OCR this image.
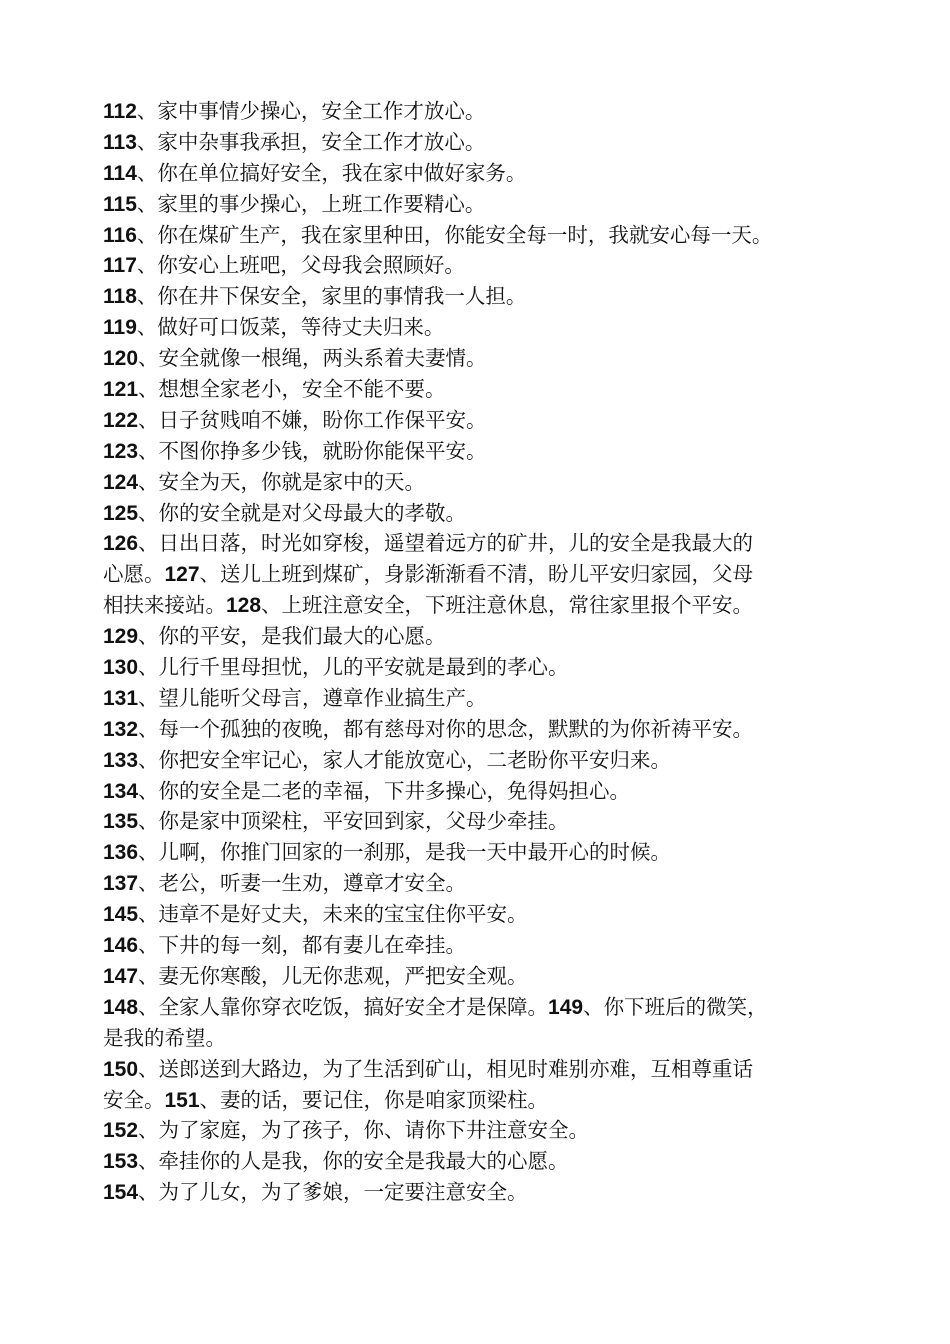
112、家中事情少操心，安全工作才放心。
113、家中杂事我承担，安全工作才放心。
114、你在单位搞好安全，我在家中做好家务。
115、家里的事少操心，上班工作要精心。
116、你在煤矿生产，我在家里种田，你能安全每一时，我就安心每一天。
117、你安心上班吧，父母我会照顾好。
118、你在井下保安全，家里的事情我一人担。
119、做好可口饭菜，等待丈夫归来。
120、安全就像一根绳，两头系着夫妻情。
121、想想全家老小，安全不能不要。
122、日子贫贱咱不嫌，盼你工作保平安。
123、不图你挣多少钱，就盼你能保平安。
124、安全为天，你就是家中的天。
125、你的安全就是对父母最大的孝敬。
126、日出日落，时光如穿梭，遥望着远方的矿井，儿的安全是我最大的
心愿。127、送儿上班到煤矿，身影渐渐看不清，盼儿平安归家园，父母
相扶来接站。128、上班注意安全，下班注意休息，常往家里报个平安。
129、你的平安，是我们最大的心愿。
130、儿行千里母担忧，儿的平安就是最到的孝心。
131、望儿能听父母言，遵章作业搞生产。
132、每一个孤独的夜晚，都有慈母对你的思念，默默的为你祈祷平安。
133、你把安全牢记心，家人才能放宽心，二老盼你平安归来。
134、你的安全是二老的幸福，下井多操心，免得妈担心。
135、你是家中顶梁柱，平安回到家，父母少牵挂。
136、儿啊，你推门回家的一刹那，是我一天中最开心的时候。
137、老公，听妻一生劝，遵章才安全。
145、违章不是好丈夫，未来的宝宝住你平安。
146、下井的每一刻，都有妻儿在牵挂。
147、妻无你寒酸，儿无你悲观，严把安全观。
148、全家人靠你穿衣吃饭，搞好安全才是保障。149、你下班后的微笑，
是我的希望。
150、送郎送到大路边，为了生活到矿山，相见时难别亦难，互相尊重话
安全。151、妻的话，要记住，你是咱家顶梁柱。
152、为了家庭，为了孩子，你、请你下井注意安全。
153、牵挂你的人是我，你的安全是我最大的心愿。
154、为了儿女，为了爹娘，一定要注意安全。
